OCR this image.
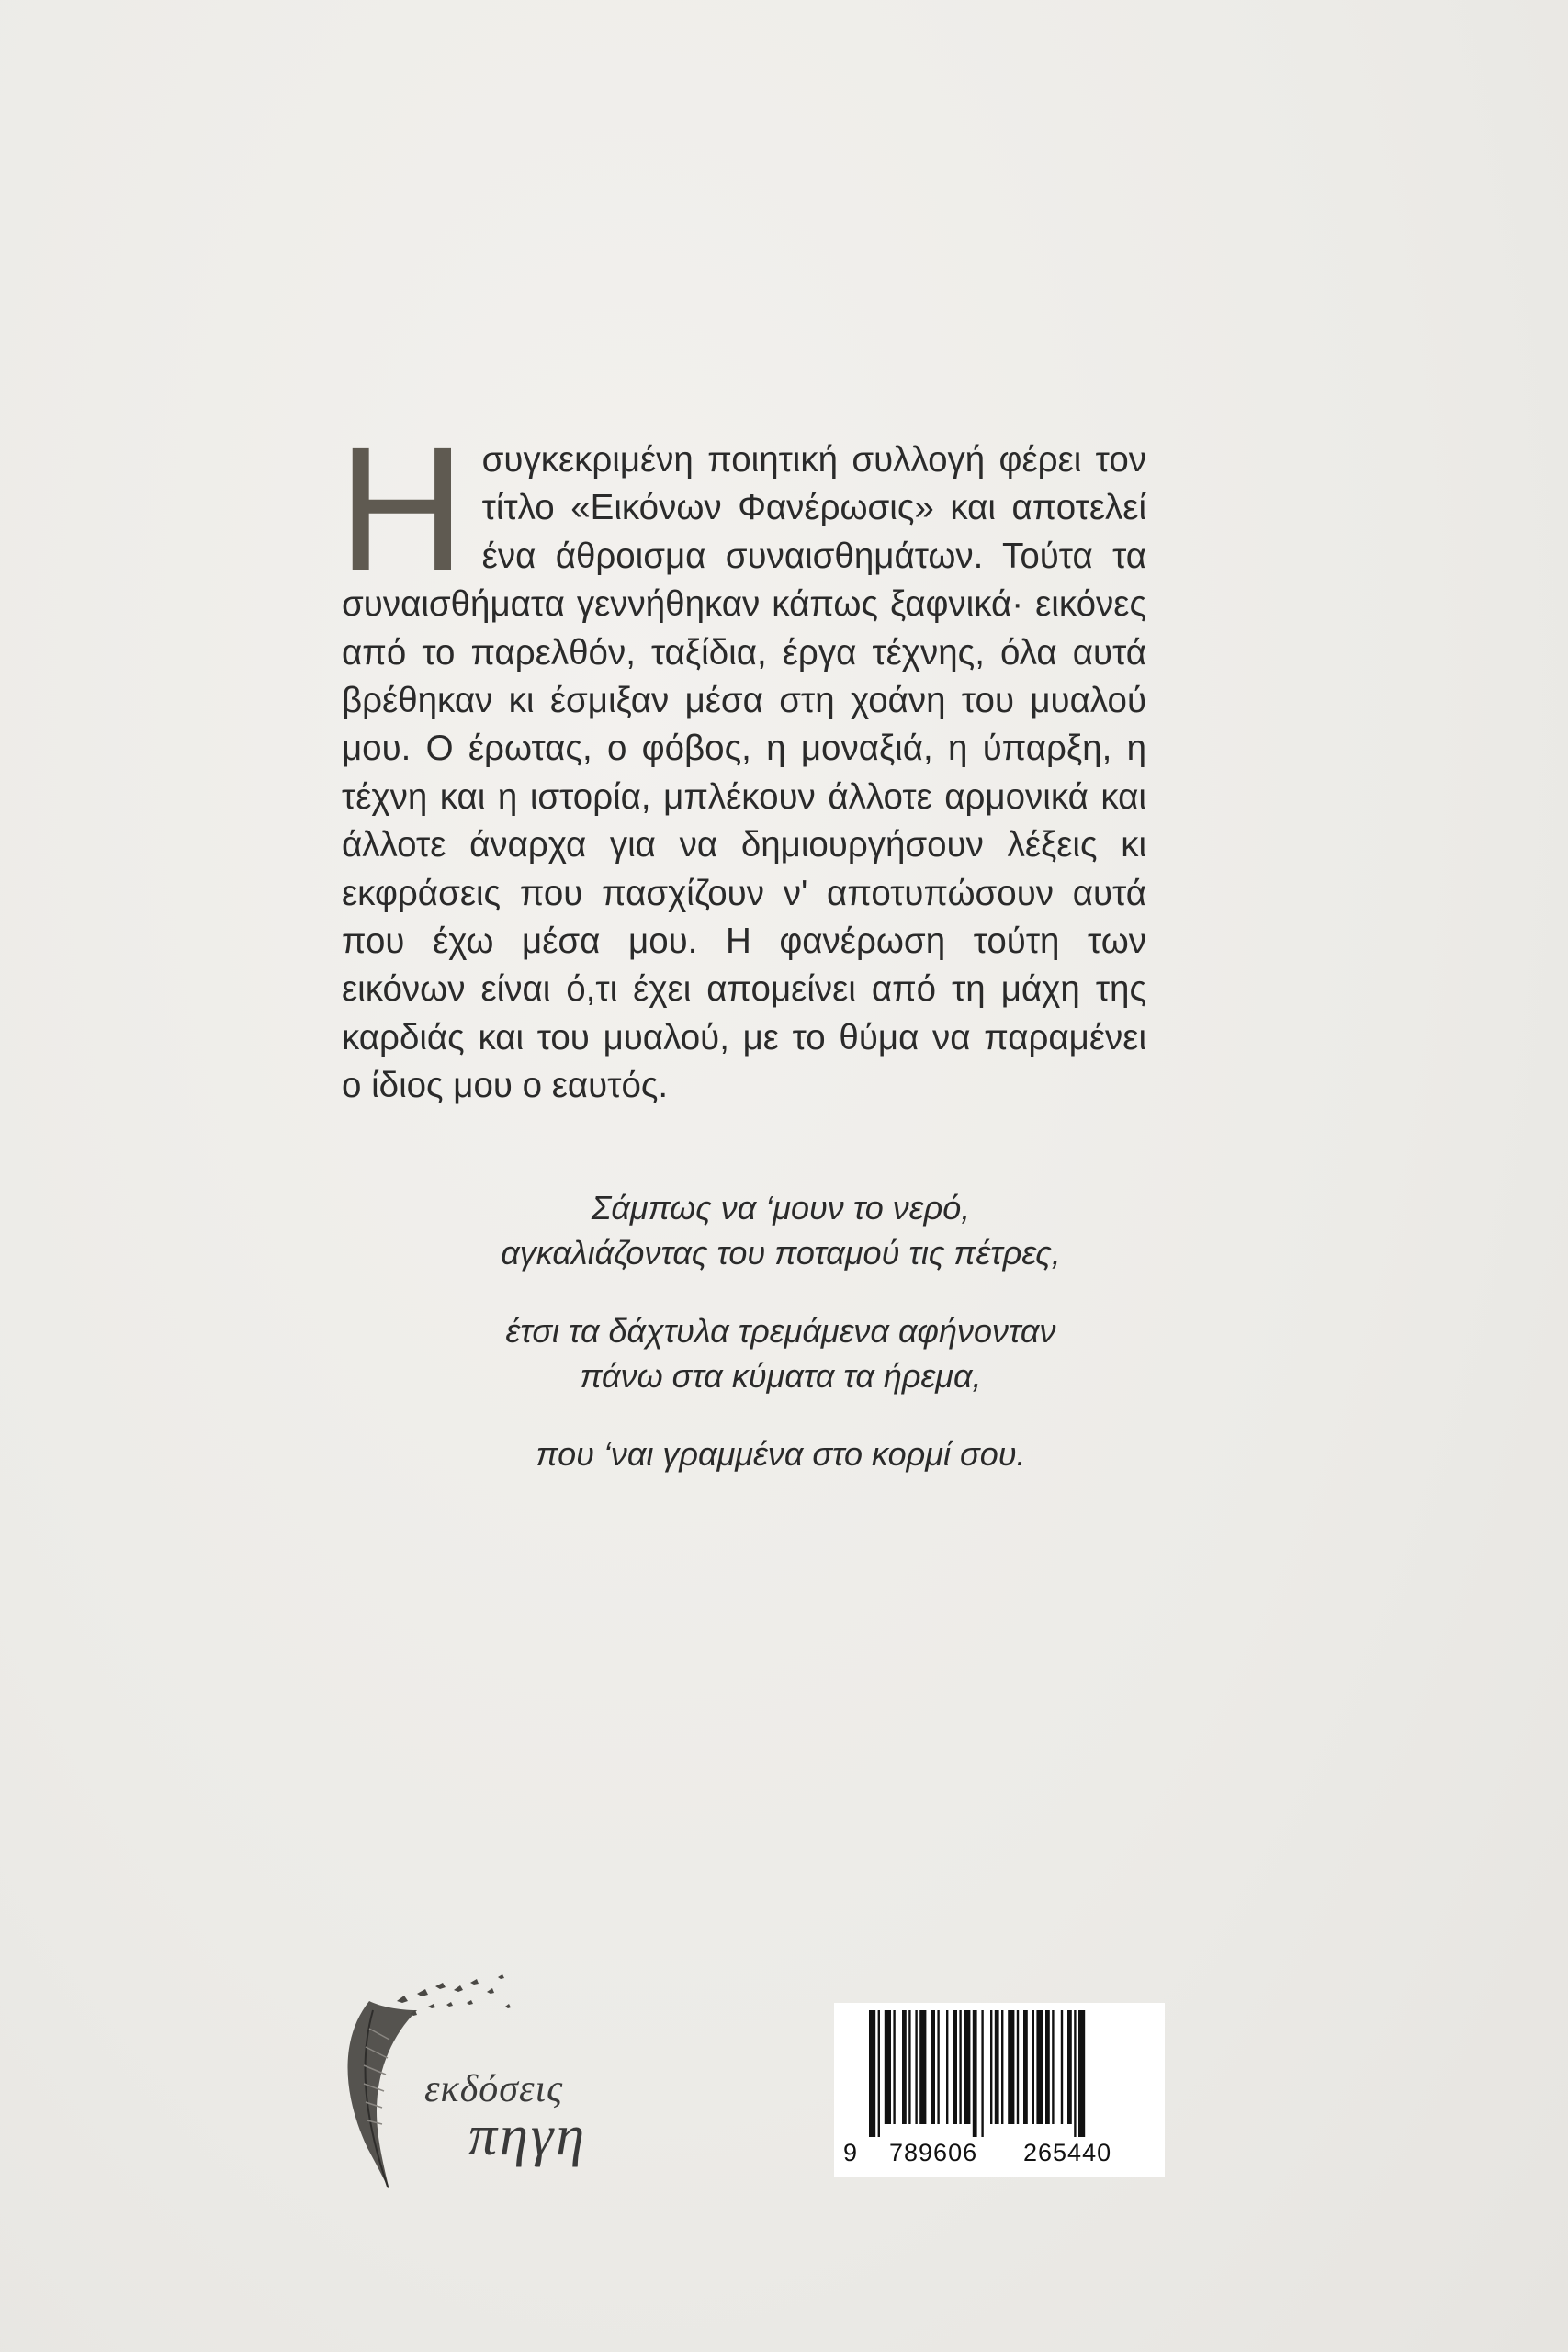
Η συγκεκριμένη ποιητική συλλογή φέρει τον τίτλο «Εικόνων Φανέρωσις» και αποτελεί ένα άθροισμα συναισθημάτων. Τούτα τα συναισθήματα γεννήθηκαν κάπως ξαφνικά· εικόνες από το παρελθόν, ταξίδια, έργα τέχνης, όλα αυτά βρέθηκαν κι έσμιξαν μέσα στη χοάνη του μυαλού μου. Ο έρωτας, ο φόβος, η μοναξιά, η ύπαρξη, η τέχνη και η ιστορία, μπλέκουν άλλοτε αρμονικά και άλλοτε άναρχα για να δημιουργήσουν λέξεις κι εκφράσεις που πασχίζουν ν' αποτυπώσουν αυτά που έχω μέσα μου. Η φανέρωση τούτη των εικόνων είναι ό,τι έχει απομείνει από τη μάχη της καρδιάς και του μυαλού, με το θύμα να παραμένει ο ίδιος μου ο εαυτός.

Σάμπως να ‘μουν το νερό,
αγκαλιάζοντας του ποταμού τις πέτρες,
έτσι τα δάχτυλα τρεμάμενα αφήνονταν
πάνω στα κύματα τα ήρεμα,
που ‘ναι γραμμένα στο κορμί σου.
εκδόσεις
πηγη	9 789606 265440
